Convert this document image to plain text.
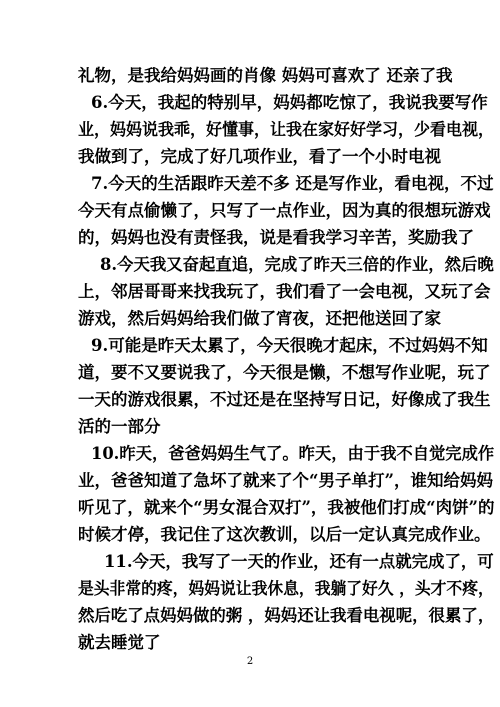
礼物，是我给妈妈画的肖像 妈妈可喜欢了 还亲了我
6.今天，我起的特别早，妈妈都吃惊了，我说我要写作
业，妈妈说我乖，好懂事，让我在家好好学习，少看电视，
我做到了，完成了好几项作业，看了一个小时电视
7.今天的生活跟昨天差不多 还是写作业，看电视，不过
今天有点偷懒了，只写了一点作业，因为真的很想玩游戏
的，妈妈也没有责怪我，说是看我学习辛苦，奖励我了
8.今天我又奋起直追，完成了昨天三倍的作业，然后晚
上，邻居哥哥来找我玩了，我们看了一会电视，又玩了会
游戏，然后妈妈给我们做了宵夜，还把他送回了家
9.可能是昨天太累了，今天很晚才起床，不过妈妈不知
道，要不又要说我了，今天很是懒，不想写作业呢，玩了
一天的游戏很累，不过还是在坚持写日记，好像成了我生
活的一部分
10.昨天，爸爸妈妈生气了。昨天，由于我不自觉完成作
业，爸爸知道了急坏了就来了个“男子单打”，谁知给妈妈
听见了，就来个“男女混合双打”，我被他们打成“肉饼”的
时候才停，我记住了这次教训，以后一定认真完成作业。
11.今天，我写了一天的作业，还有一点就完成了，可
是头非常的疼，妈妈说让我休息，我躺了好久 ，头才不疼，
然后吃了点妈妈做的粥 ，妈妈还让我看电视呢，很累了，
就去睡觉了
2
